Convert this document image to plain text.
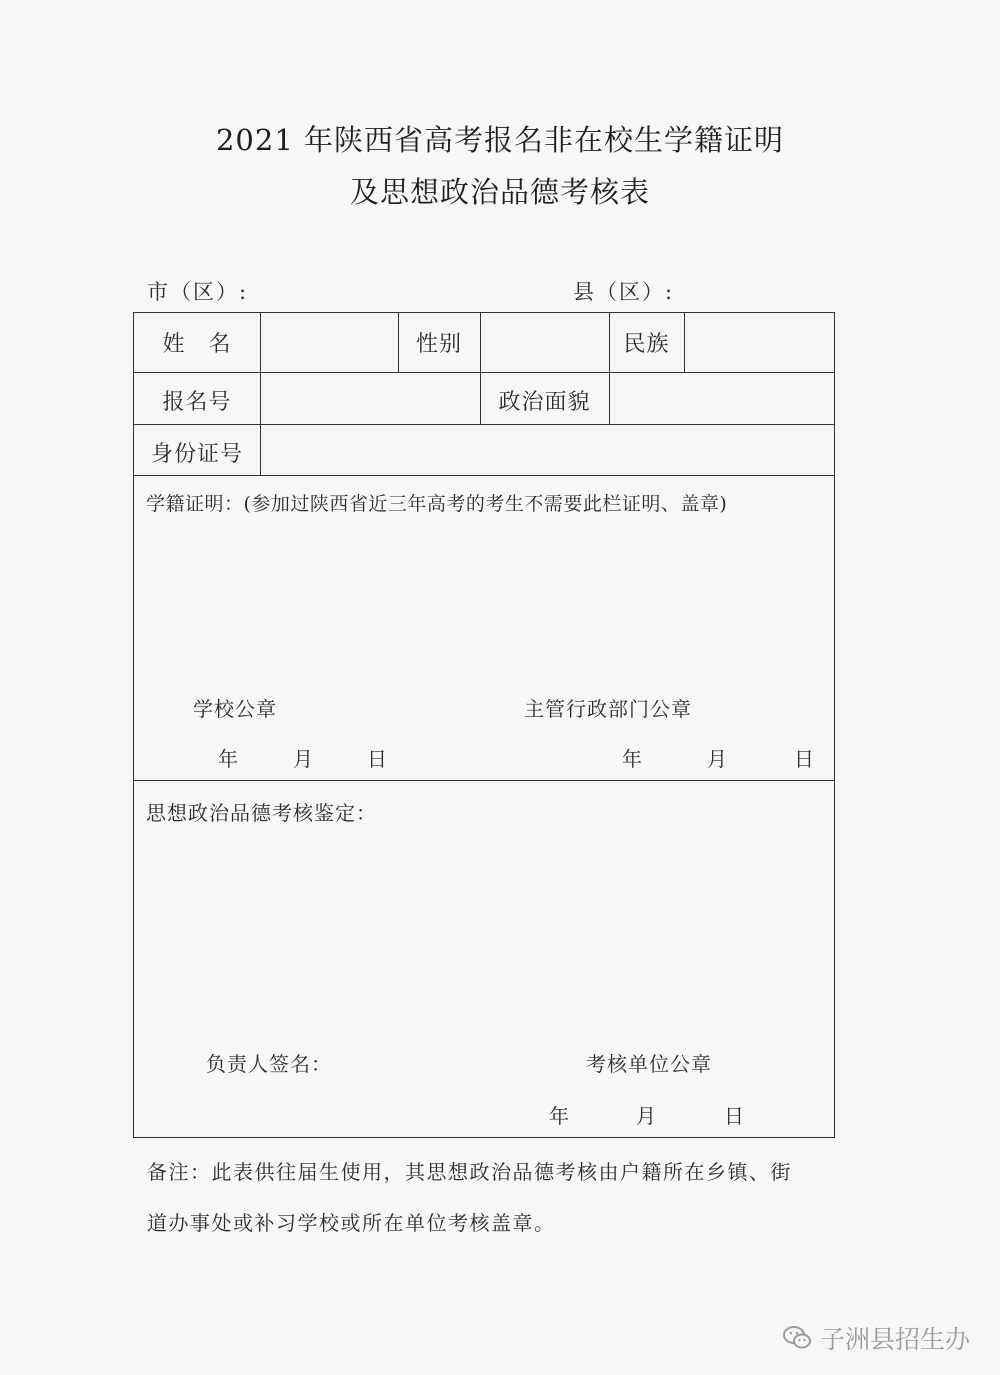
2021 年陕西省高考报名非在校生学籍证明
及思想政治品德考核表
市（区）:	县（区）:
姓　名	性别	民族
报名号	政治面貌
身份证号
学籍证明：(参加过陕西省近三年高考的考生不需要此栏证明、盖章)
学校公章	主管行政部门公章
年	月	日	年	月	日
思想政治品德考核鉴定：
负责人签名：	考核单位公章
年	月	日
备注：此表供往届生使用，其思想政治品德考核由户籍所在乡镇、街
道办事处或补习学校或所在单位考核盖章。
子洲县招生办
